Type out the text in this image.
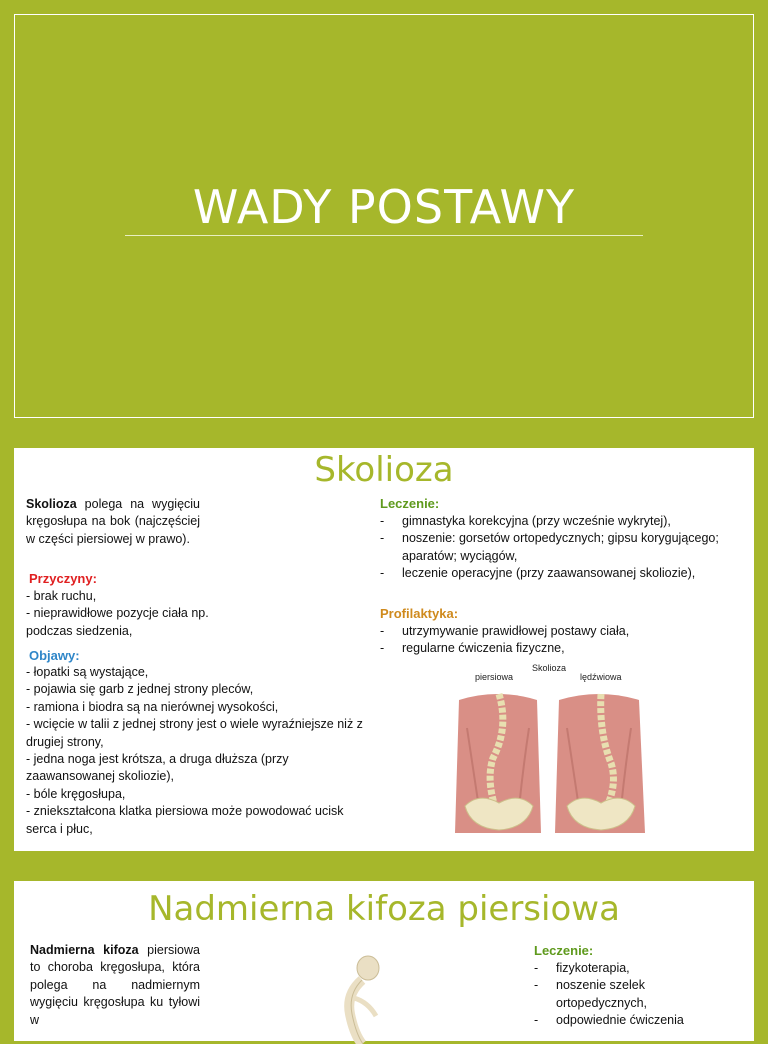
WADY POSTAWY
Skolioza
Skolioza polega na wygięciu kręgosłupa na bok (najczęściej w części piersiowej w prawo).
Przyczyny:
- brak ruchu,
- nieprawidłowe pozycje ciała np.
podczas siedzenia,
Objawy:
- łopatki są wystające,
- pojawia się garb z jednej strony pleców,
- ramiona i biodra są na nierównej wysokości,
- wcięcie w talii z jednej strony jest o wiele wyraźniejsze niż z drugiej strony,
- jedna noga jest krótsza, a druga dłuższa (przy zaawansowanej skoliozie),
- bóle kręgosłupa,
- zniekształcona klatka piersiowa może powodować ucisk serca i płuc,
Leczenie:
- gimnastyka korekcyjna (przy wcześnie wykrytej),
- noszenie: gorsetów ortopedycznych; gipsu korygującego; aparatów; wyciągów,
- leczenie operacyjne (przy zaawansowanej skoliozie),
Profilaktyka:
- utrzymywanie prawidłowej postawy ciała,
- regularne ćwiczenia fizyczne,
Skolioza
piersiowa	lędźwiowa
Nadmierna kifoza piersiowa
Nadmierna kifoza piersiowa to choroba kręgosłupa, która polega na nadmiernym wygięciu kręgosłupa ku tyłowi w
Leczenie:
- fizykoterapia,
- noszenie szelek ortopedycznych,
- odpowiednie ćwiczenia
